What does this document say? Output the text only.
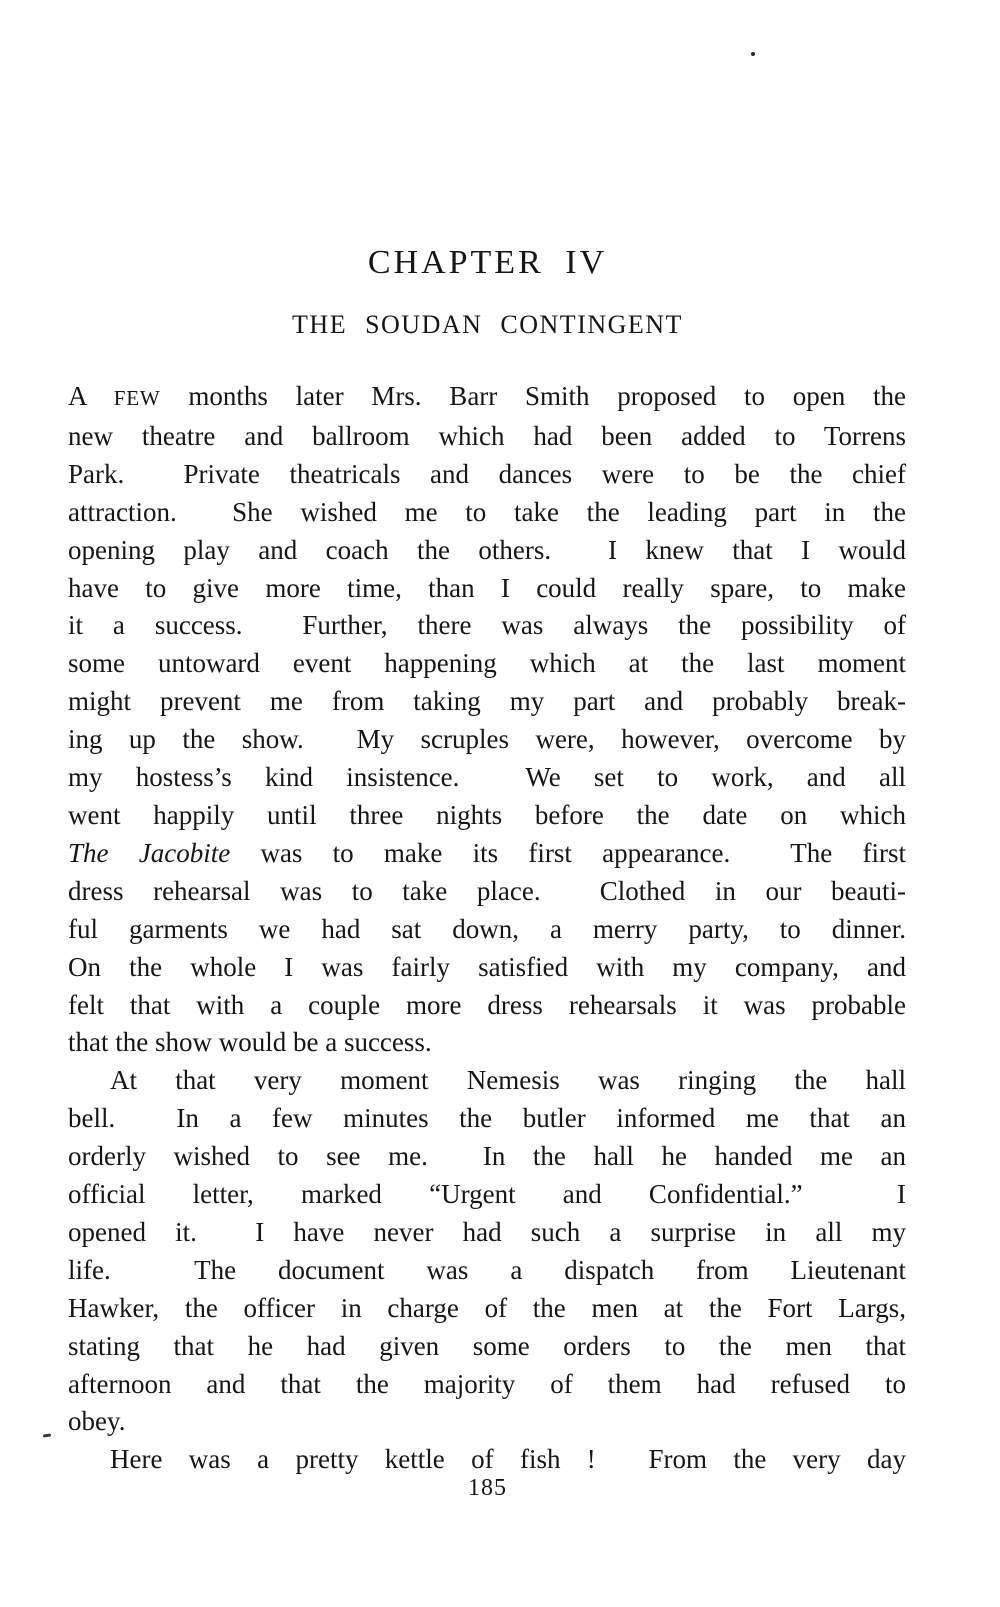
CHAPTER IV
THE SOUDAN CONTINGENT
A FEW months later Mrs. Barr Smith proposed to open the
new theatre and ballroom which had been added to Torrens
Park.  Private theatricals and dances were to be the chief
attraction.  She wished me to take the leading part in the
opening play and coach the others.  I knew that I would
have to give more time, than I could really spare, to make
it a success.  Further, there was always the possibility of
some untoward event happening which at the last moment
might prevent me from taking my part and probably break-
ing up the show.  My scruples were, however, overcome by
my hostess’s kind insistence.  We set to work, and all
went happily until three nights before the date on which
The Jacobite was to make its first appearance.  The first
dress rehearsal was to take place.  Clothed in our beauti-
ful garments we had sat down, a merry party, to dinner.
On the whole I was fairly satisfied with my company, and
felt that with a couple more dress rehearsals it was probable
that the show would be a success.
At that very moment Nemesis was ringing the hall
bell.  In a few minutes the butler informed me that an
orderly wished to see me.  In the hall he handed me an
official letter, marked “Urgent and Confidential.”  I
opened it.  I have never had such a surprise in all my
life.  The document was a dispatch from Lieutenant
Hawker, the officer in charge of the men at the Fort Largs,
stating that he had given some orders to the men that
afternoon and that the majority of them had refused to
obey.
Here was a pretty kettle of fish !  From the very day
185
